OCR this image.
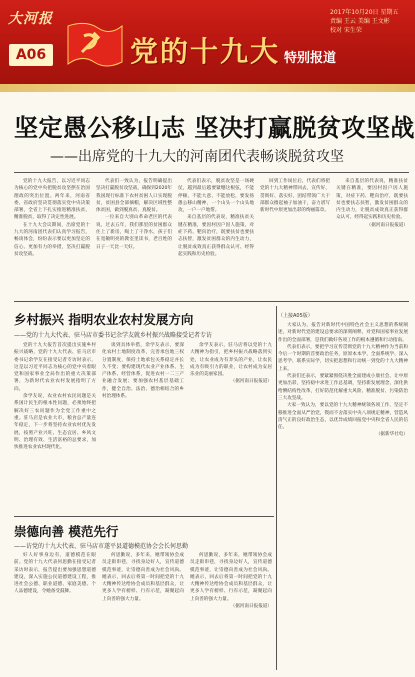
大河报
A06	党的十九大 特别报道
2017年10月20日 星期五
责编 王云 美编 王文彬
校对 宋生荣
坚定愚公移山志 坚决打赢脱贫攻坚战
——出席党的十九大的河南团代表畅谈脱贫攻坚

党的十九大报告，以习近平同志为核心的党中央把脱贫攻坚摆在治国理政的突出位置。两年来，河南省委、省政府坚决贯彻落实党中央决策部署，全省上下扎实推进精准扶贫、精准脱贫，取得了决定性进展。

在十九大会议期间，出席党的十九大的河南团代表们认真学习报告，畅谈体会，纷纷表示要以更加坚定的信心、更加有力的举措，坚决打赢脱贫攻坚战。

代表们一致认为，报告明确提出坚决打赢脱贫攻坚战，确保到2020年我国现行标准下农村贫困人口实现脱贫，贫困县全部摘帽，解决区域性整体贫困，做到脱真贫、真脱贫。

一位来自大别山革命老区的代表说，过去五年，我们那里的贫困群众住上了新房，喝上了干净水，孩子们在宽敞明亮的教室里读书，老百姓的日子一天比一天好。

代表们表示，脱贫攻坚是一场硬仗，越到最后越要紧绷这根弦，不能停顿、不能大意、不能放松，要发扬愚公移山精神，一个山头一个山头地攻，一户一户地帮。

来自基层的代表说，精准扶贫关键在精准，要因村因户因人施策，对症下药、靶向治疗，既要扶贫也要扶志扶智，激发贫困群众的内生动力，让脱贫成效真正获得群众认可、经得起实践和历史检验。

回到工作岗位后，代表们将把党的十九大精神带回去，宣传好、贯彻好、落实好，团结带领广大干部群众撸起袖子加油干，奋力谱写新时代中原更加出彩的绚丽篇章。

来自基层的代表说，精准扶贫关键在精准，要因村因户因人施策，对症下药、靶向治疗，既要扶贫也要扶志扶智，激发贫困群众的内生动力，让脱贫成效真正获得群众认可、经得起实践和历史检验。

（据河南日报报道）
乡村振兴 指明农业农村发展方向
——党的十九大代表、驻马店市委书记余学友就乡村振兴战略接受记者专访

党的十九大报告首次提出实施乡村振兴战略，党的十九大代表、驻马店市委书记余学友在接受记者专访时表示，这是以习近平同志为核心的党中央着眼党和国家事业全局作出的重大决策部署，为新时代农业农村发展指明了方向。

余学友说，农业农村农民问题是关系国计民生的根本性问题，必须始终把解决好三农问题作为全党工作重中之重。驻马店是农业大市，粮食总产量连年稳定，下一步将坚持农业农村优先发展，按照产业兴旺、生态宜居、乡风文明、治理有效、生活富裕的总要求，加快推进农业农村现代化。

谈到具体举措，余学友表示，要深化农村土地制度改革，完善承包地三权分置制度，保持土地承包关系稳定并长久不变；要构建现代农业产业体系、生产体系、经营体系，促进农村一二三产业融合发展；要加强农村基层基础工作，健全自治、法治、德治相结合的乡村治理体系。

余学友表示，驻马店将以党的十九大精神为指引，把乡村振兴战略落到实处，让农业成为有奔头的产业，让农民成为有吸引力的职业，让农村成为安居乐业的美丽家园。

（据河南日报报道）
崇德向善 模范先行
——访党的十九大代表、驻马店市遂平县道德模范协会会长何思勤

好人好事身边有，道德模范在眼前。党的十九大代表何思勤在接受记者采访时表示，报告提出要加强思想道德建设，深入实施公民道德建设工程，推进社会公德、职业道德、家庭美德、个人品德建设，令她备受鼓舞。

何思勤说，多年来，她带领协会成员走街串巷，寻找身边好人，宣传道德模范事迹，让崇德向善成为社会风尚。她表示，回去后将第一时间把党的十九大精神传达给协会成员和基层群众，让更多人学有榜样、行有示范，凝聚起向上向善的强大力量。

何思勤说，多年来，她带领协会成员走街串巷，寻找身边好人，宣传道德模范事迹，让崇德向善成为社会风尚。她表示，回去后将第一时间把党的十九大精神传达给协会成员和基层群众，让更多人学有榜样、行有示范，凝聚起向上向善的强大力量。

（据河南日报报道）
（上接A05版）

大家认为，报告对新时代中国特色社会主义思想的系统阐述，对新时代党的建设总要求的深刻阐释，对党和国家事业发展作出的全面部署，是我们做好各项工作的根本遵循和行动指南。

代表们表示，要把学习宣传贯彻党的十九大精神作为当前和今后一个时期的首要政治任务，原原本本学、全面系统学、深入思考学、联系实际学，切实把思想和行动统一到党的十九大精神上来。

代表们还表示，要紧紧围绕决胜全面建成小康社会、让中原更加出彩，坚持稳中求进工作总基调，坚持新发展理念，深化供给侧结构性改革，打好防范化解重大风险、精准脱贫、污染防治三大攻坚战。

大家一致认为，要以党的十九大精神统领各项工作，坚定不移推进全面从严治党，锲而不舍落实中央八项规定精神，营造风清气正的良好政治生态，以优异成绩回报党中央和全省人民的信任。

（据新华社电）
